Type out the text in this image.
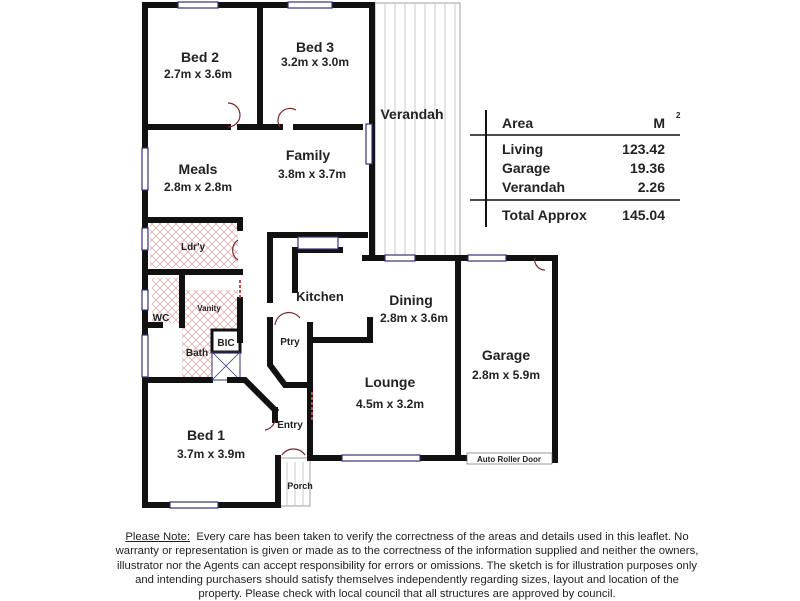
Bed 2
2.7m x 3.6m
Bed 3
3.2m x 3.0m
Verandah
Meals
2.8m x 2.8m
Family
3.8m x 3.7m
Ldr'y
Kitchen
WC
Vanity
BIC
Bath
Ptry
Dining
2.8m x 3.6m
Garage
2.8m x 5.9m
Lounge
4.5m x 3.2m
Entry
Bed 1
3.7m x 3.9m
Porch
Auto Roller Door
Area	M 2
Living	123.42
Garage	19.36
Verandah	2.26
Total Approx	145.04
Please Note: Every care has been taken to verify the correctness of the areas and details used in this leaflet. No warranty or representation is given or made as to the correctness of the information supplied and neither the owners, illustrator nor the Agents can accept responsibility for errors or omissions. The sketch is for illustration purposes only and intending purchasers should satisfy themselves independently regarding sizes, layout and location of the property. Please check with local council that all structures are approved by council.
